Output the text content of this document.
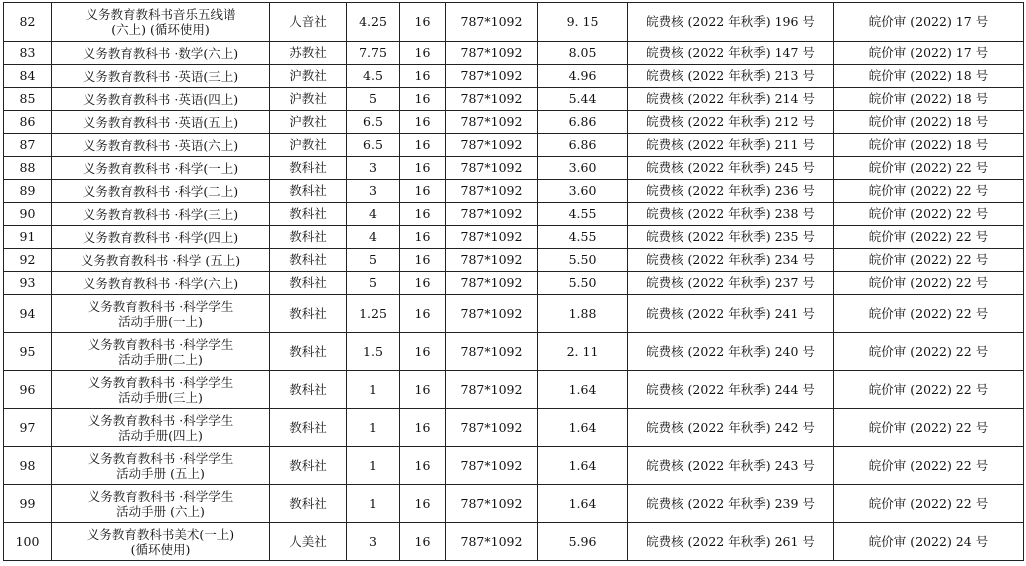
82	义务教育教科书音乐五线谱
(六上) (循环使用)	人音社	4.25	16	787*1092	9. 15	皖费核 (2022 年秋季) 196 号	皖价审 (2022) 17 号
83	义务教育教科书 ·数学(六上)	苏教社	7.75	16	787*1092	8.05	皖费核 (2022 年秋季) 147 号	皖价审 (2022) 17 号
84	义务教育教科书 ·英语(三上)	沪教社	4.5	16	787*1092	4.96	皖费核 (2022 年秋季) 213 号	皖价审 (2022) 18 号
85	义务教育教科书 ·英语(四上)	沪教社	5	16	787*1092	5.44	皖费核 (2022 年秋季) 214 号	皖价审 (2022) 18 号
86	义务教育教科书 ·英语(五上)	沪教社	6.5	16	787*1092	6.86	皖费核 (2022 年秋季) 212 号	皖价审 (2022) 18 号
87	义务教育教科书 ·英语(六上)	沪教社	6.5	16	787*1092	6.86	皖费核 (2022 年秋季) 211 号	皖价审 (2022) 18 号
88	义务教育教科书 ·科学(一上)	教科社	3	16	787*1092	3.60	皖费核 (2022 年秋季) 245 号	皖价审 (2022) 22 号
89	义务教育教科书 ·科学(二上)	教科社	3	16	787*1092	3.60	皖费核 (2022 年秋季) 236 号	皖价审 (2022) 22 号
90	义务教育教科书 ·科学(三上)	教科社	4	16	787*1092	4.55	皖费核 (2022 年秋季) 238 号	皖价审 (2022) 22 号
91	义务教育教科书 ·科学(四上)	教科社	4	16	787*1092	4.55	皖费核 (2022 年秋季) 235 号	皖价审 (2022) 22 号
92	义务教育教科书 ·科学 (五上)	教科社	5	16	787*1092	5.50	皖费核 (2022 年秋季) 234 号	皖价审 (2022) 22 号
93	义务教育教科书 ·科学(六上)	教科社	5	16	787*1092	5.50	皖费核 (2022 年秋季) 237 号	皖价审 (2022) 22 号
94	义务教育教科书 ·科学学生
活动手册(一上)	教科社	1.25	16	787*1092	1.88	皖费核 (2022 年秋季) 241 号	皖价审 (2022) 22 号
95	义务教育教科书 ·科学学生
活动手册(二上)	教科社	1.5	16	787*1092	2. 11	皖费核 (2022 年秋季) 240 号	皖价审 (2022) 22 号
96	义务教育教科书 ·科学学生
活动手册(三上)	教科社	1	16	787*1092	1.64	皖费核 (2022 年秋季) 244 号	皖价审 (2022) 22 号
97	义务教育教科书 ·科学学生
活动手册(四上)	教科社	1	16	787*1092	1.64	皖费核 (2022 年秋季) 242 号	皖价审 (2022) 22 号
98	义务教育教科书 ·科学学生
活动手册 (五上)	教科社	1	16	787*1092	1.64	皖费核 (2022 年秋季) 243 号	皖价审 (2022) 22 号
99	义务教育教科书 ·科学学生
活动手册 (六上)	教科社	1	16	787*1092	1.64	皖费核 (2022 年秋季) 239 号	皖价审 (2022) 22 号
100	义务教育教科书美术(一上)
(循环使用)	人美社	3	16	787*1092	5.96	皖费核 (2022 年秋季) 261 号	皖价审 (2022) 24 号
